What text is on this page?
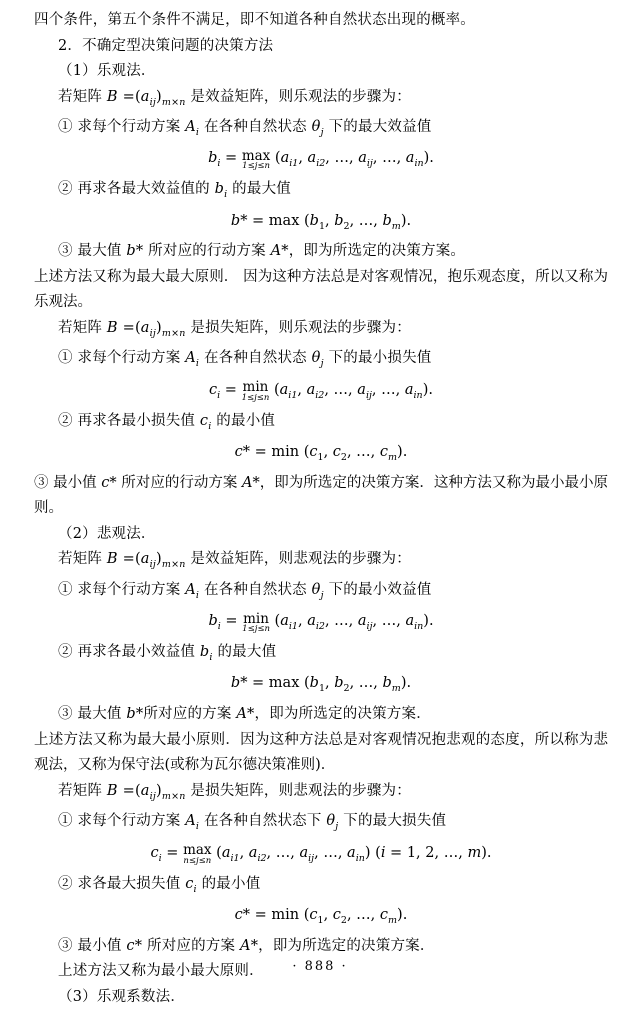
四个条件，第五个条件不满足，即不知道各种自然状态出现的概率。
2．不确定型决策问题的决策方法
（1）乐观法．
若矩阵 $B =(a_{ij})_{m\times n}$ 是效益矩阵，则乐观法的步骤为：
① 求每个行动方案 $A_i$ 在各种自然状态 $\theta_j$ 下的最大效益值
$b_i = \max$
1≤j≤n ($a_{i1}$, $a_{i2}$, …, $a_{ij}$, …, $a_{in}$).
② 再求各最大效益值的 $b_i$ 的最大值
$b* = \max (b_1$, $b_2$, …, $b_m$).
③ 最大值 b* 所对应的行动方案 A*，即为所选定的决策方案。
上述方法又称为最大最大原则． 因为这种方法总是对客观情况，抱乐观态度，所以又称为乐观法。
若矩阵 $B =(a_{ij})_{m\times n}$ 是损失矩阵，则乐观法的步骤为：
① 求每个行动方案 $A_i$ 在各种自然状态 $\theta_j$ 下的最小损失值
$c_i = \min$
1≤j≤n ($a_{i1}$, $a_{i2}$, …, $a_{ij}$, …, $a_{in}$).
② 再求各最小损失值 $c_i$ 的最小值
$c* = \min (c_1$, $c_2$, …, $c_m$).
③ 最小值 c* 所对应的行动方案 A*，即为所选定的决策方案．这种方法又称为最小最小原则。
（2）悲观法．
若矩阵 $B =(a_{ij})_{m\times n}$ 是效益矩阵，则悲观法的步骤为：
① 求每个行动方案 $A_i$ 在各种自然状态 $\theta_j$ 下的最小效益值
$b_i = \min$
1≤j≤n ($a_{i1}$, $a_{i2}$, …, $a_{ij}$, …, $a_{in}$).
② 再求各最小效益值 $b_i$ 的最大值
$b* = \max (b_1$, $b_2$, …, $b_m$).
③ 最大值 b*所对应的方案 A*，即为所选定的决策方案．
上述方法又称为最大最小原则．因为这种方法总是对客观情况抱悲观的态度，所以称为悲观法，又称为保守法(或称为瓦尔德决策准则)．
若矩阵 $B =(a_{ij})_{m\times n}$ 是损失矩阵，则悲观法的步骤为：
① 求每个行动方案 $A_i$ 在各种自然状态下 $\theta_j$ 下的最大损失值
$c_i = \max$
n≤j≤n ($a_{i1}$, $a_{i2}$, …, $a_{ij}$, …, $a_{in}$) (i = 1, 2, …, m).
② 求各最大损失值 $c_i$ 的最小值
$c* = \min (c_1$, $c_2$, …, $c_m$).
③ 最小值 c* 所对应的方案 A*，即为所选定的决策方案．
上述方法又称为最小最大原则．
（3）乐观系数法．
· 888 ·
